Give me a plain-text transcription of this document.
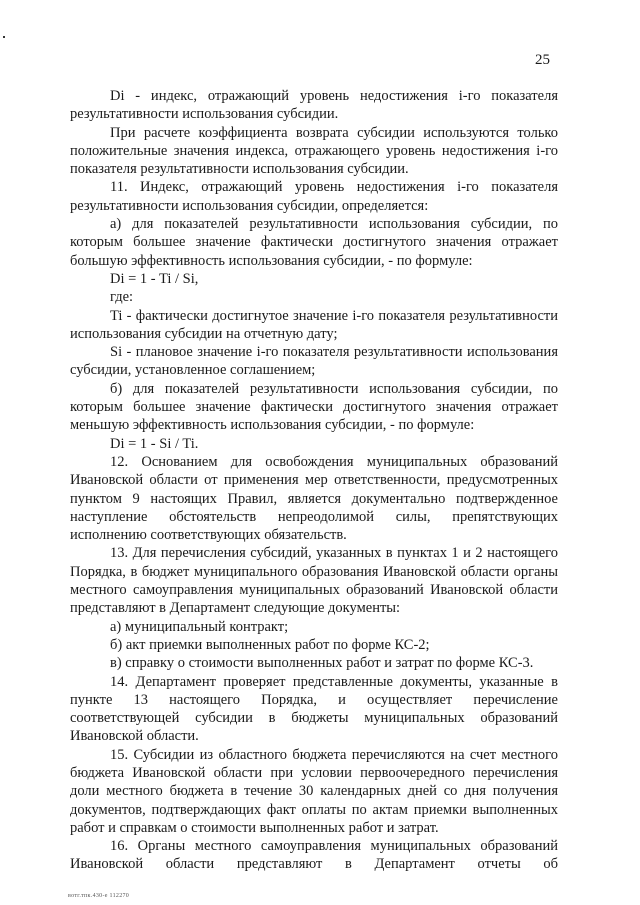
25

Di - индекс, отражающий уровень недостижения i-го показателя результативности использования субсидии.

При расчете коэффициента возврата субсидии используются только положительные значения индекса, отражающего уровень недостижения i-го показателя результативности использования субсидии.

11. Индекс, отражающий уровень недостижения i-го показателя результативности использования субсидии, определяется:

а) для показателей результативности использования субсидии, по которым большее значение фактически достигнутого значения отражает большую эффективность использования субсидии, - по формуле:

Di = 1 - Ti / Si,

где:

Ti - фактически достигнутое значение i-го показателя результативности использования субсидии на отчетную дату;

Si - плановое значение i-го показателя результативности использования субсидии, установленное соглашением;

б) для показателей результативности использования субсидии, по которым большее значение фактически достигнутого значения отражает меньшую эффективность использования субсидии, - по формуле:

Di = 1 - Si / Ti.

12. Основанием для освобождения муниципальных образований Ивановской области от применения мер ответственности, предусмотренных пунктом 9 настоящих Правил, является документально подтвержденное наступление обстоятельств непреодолимой силы, препятствующих исполнению соответствующих обязательств.

13. Для перечисления субсидий, указанных в пунктах 1 и 2 настоящего Порядка, в бюджет муниципального образования Ивановской области органы местного самоуправления муниципальных образований Ивановской области представляют в Департамент следующие документы:

а) муниципальный контракт;

б) акт приемки выполненных работ по форме КС-2;

в) справку о стоимости выполненных работ и затрат по форме КС-3.

14. Департамент проверяет представленные документы, указанные в пункте 13 настоящего Порядка, и осуществляет перечисление соответствующей субсидии в бюджеты муниципальных образований Ивановской области.

15. Субсидии из областного бюджета перечисляются на счет местного бюджета Ивановской области при условии первоочередного перечисления доли местного бюджета в течение 30 календарных дней со дня получения документов, подтверждающих факт оплаты по актам приемки выполненных работ и справкам о стоимости выполненных работ и затрат.

16. Органы местного самоуправления муниципальных образований Ивановской области представляют в Департамент отчеты об

вотг.тпк.430-е 112270
